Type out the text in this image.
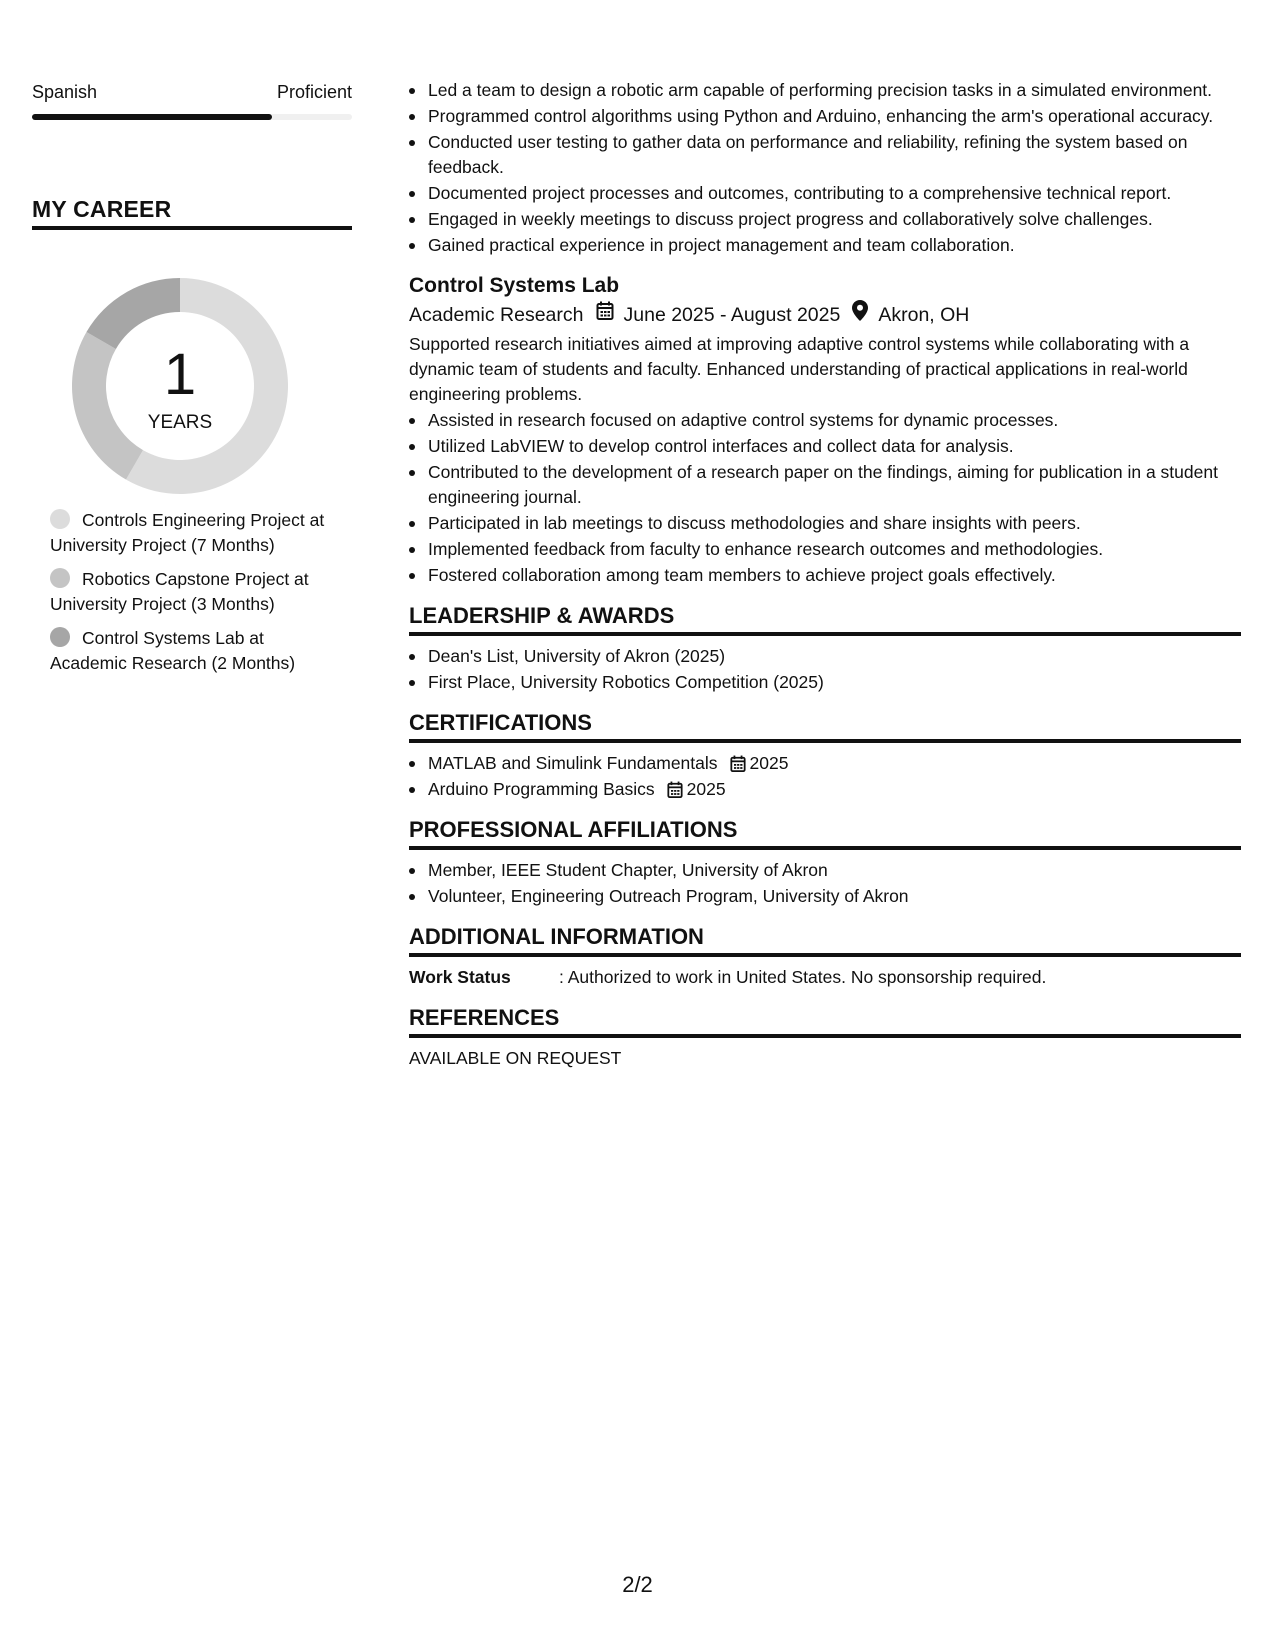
Spanish	Proficient
MY CAREER
1
YEARS
Controls Engineering Project at University Project (7 Months)
Robotics Capstone Project at University Project (3 Months)
Control Systems Lab at Academic Research (2 Months)
Led a team to design a robotic arm capable of performing precision tasks in a simulated environment.
Programmed control algorithms using Python and Arduino, enhancing the arm's operational accuracy.
Conducted user testing to gather data on performance and reliability, refining the system based on feedback.
Documented project processes and outcomes, contributing to a comprehensive technical report.
Engaged in weekly meetings to discuss project progress and collaboratively solve challenges.
Gained practical experience in project management and team collaboration.
Control Systems Lab
Academic Research June 2025 - August 2025 Akron, OH
Supported research initiatives aimed at improving adaptive control systems while collaborating with a dynamic team of students and faculty. Enhanced understanding of practical applications in real-world engineering problems.
Assisted in research focused on adaptive control systems for dynamic processes.
Utilized LabVIEW to develop control interfaces and collect data for analysis.
Contributed to the development of a research paper on the findings, aiming for publication in a student engineering journal.
Participated in lab meetings to discuss methodologies and share insights with peers.
Implemented feedback from faculty to enhance research outcomes and methodologies.
Fostered collaboration among team members to achieve project goals effectively.
LEADERSHIP & AWARDS
Dean's List, University of Akron (2025)
First Place, University Robotics Competition (2025)
CERTIFICATIONS
MATLAB and Simulink Fundamentals 2025
Arduino Programming Basics 2025
PROFESSIONAL AFFILIATIONS
Member, IEEE Student Chapter, University of Akron
Volunteer, Engineering Outreach Program, University of Akron
ADDITIONAL INFORMATION
Work Status	: Authorized to work in United States. No sponsorship required.
REFERENCES
AVAILABLE ON REQUEST
2/2
